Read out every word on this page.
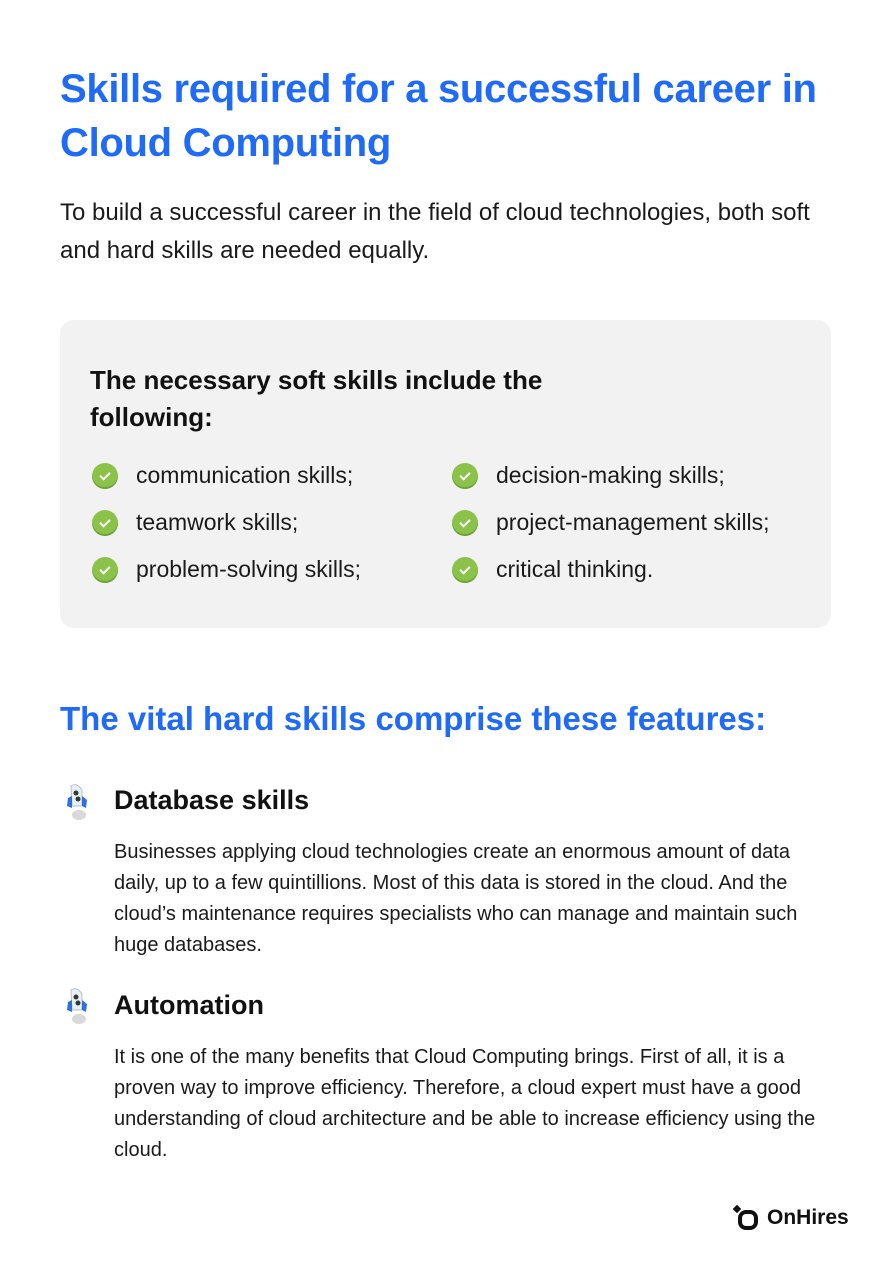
Skills required for a successful career in Cloud Computing

To build a successful career in the field of cloud technologies, both soft and hard skills are needed equally.

The necessary soft skills include the following:
communication skills;
teamwork skills;
problem-solving skills;
decision-making skills;
project-management skills;
critical thinking.
The vital hard skills comprise these features:
Database skills

Businesses applying cloud technologies create an enormous amount of data daily, up to a few quintillions. Most of this data is stored in the cloud. And the cloud’s maintenance requires specialists who can manage and maintain such huge databases.

Automation

It is one of the many benefits that Cloud Computing brings. First of all, it is a proven way to improve efficiency. Therefore, a cloud expert must have a good understanding of cloud architecture and be able to increase efficiency using the cloud.

OnHires
